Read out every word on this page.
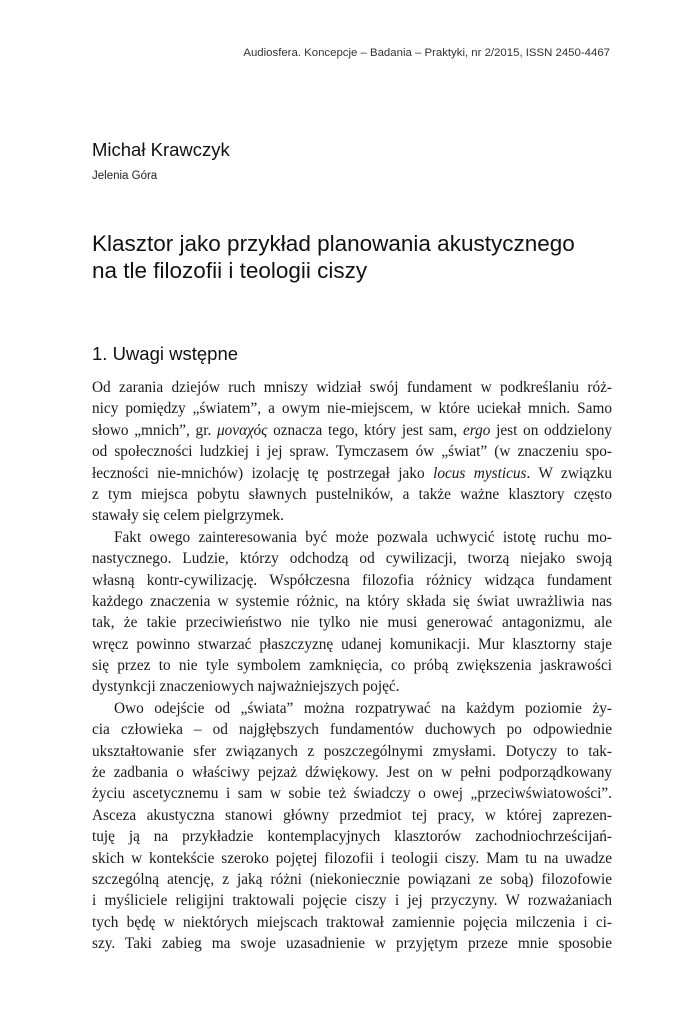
Audiosfera. Koncepcje – Badania – Praktyki, nr 2/2015, ISSN 2450-4467
Michał Krawczyk
Jelenia Góra
Klasztor jako przykład planowania akustycznego
na tle filozofii i teologii ciszy
1. Uwagi wstępne
Od zarania dziejów ruch mniszy widział swój fundament w podkreślaniu róż-
nicy pomiędzy „światem”, a owym nie-miejscem, w które uciekał mnich. Samo
słowo „mnich”, gr. μοναχός oznacza tego, który jest sam, ergo jest on oddzielony
od społeczności ludzkiej i jej spraw. Tymczasem ów „świat” (w znaczeniu spo-
łeczności nie-mnichów) izolację tę postrzegał jako locus mysticus. W związku
z tym miejsca pobytu sławnych pustelników, a także ważne klasztory często
stawały się celem pielgrzymek.
Fakt owego zainteresowania być może pozwala uchwycić istotę ruchu mo-
nastycznego. Ludzie, którzy odchodzą od cywilizacji, tworzą niejako swoją
własną kontr-cywilizację. Współczesna filozofia różnicy widząca fundament
każdego znaczenia w systemie różnic, na który składa się świat uwrażliwia nas
tak, że takie przeciwieństwo nie tylko nie musi generować antagonizmu, ale
wręcz powinno stwarzać płaszczyznę udanej komunikacji. Mur klasztorny staje
się przez to nie tyle symbolem zamknięcia, co próbą zwiększenia jaskrawości
dystynkcji znaczeniowych najważniejszych pojęć.
Owo odejście od „świata” można rozpatrywać na każdym poziomie ży-
cia człowieka – od najgłębszych fundamentów duchowych po odpowiednie
ukształtowanie sfer związanych z poszczególnymi zmysłami. Dotyczy to tak-
że zadbania o właściwy pejzaż dźwiękowy. Jest on w pełni podporządkowany
życiu ascetycznemu i sam w sobie też świadczy o owej „przeciwświatowości”.
Asceza akustyczna stanowi główny przedmiot tej pracy, w której zaprezen-
tuję ją na przykładzie kontemplacyjnych klasztorów zachodniochrześcijań-
skich w kontekście szeroko pojętej filozofii i teologii ciszy. Mam tu na uwadze
szczególną atencję, z jaką różni (niekoniecznie powiązani ze sobą) filozofowie
i myśliciele religijni traktowali pojęcie ciszy i jej przyczyny. W rozważaniach
tych będę w niektórych miejscach traktował zamiennie pojęcia milczenia i ci-
szy. Taki zabieg ma swoje uzasadnienie w przyjętym przeze mnie sposobie
